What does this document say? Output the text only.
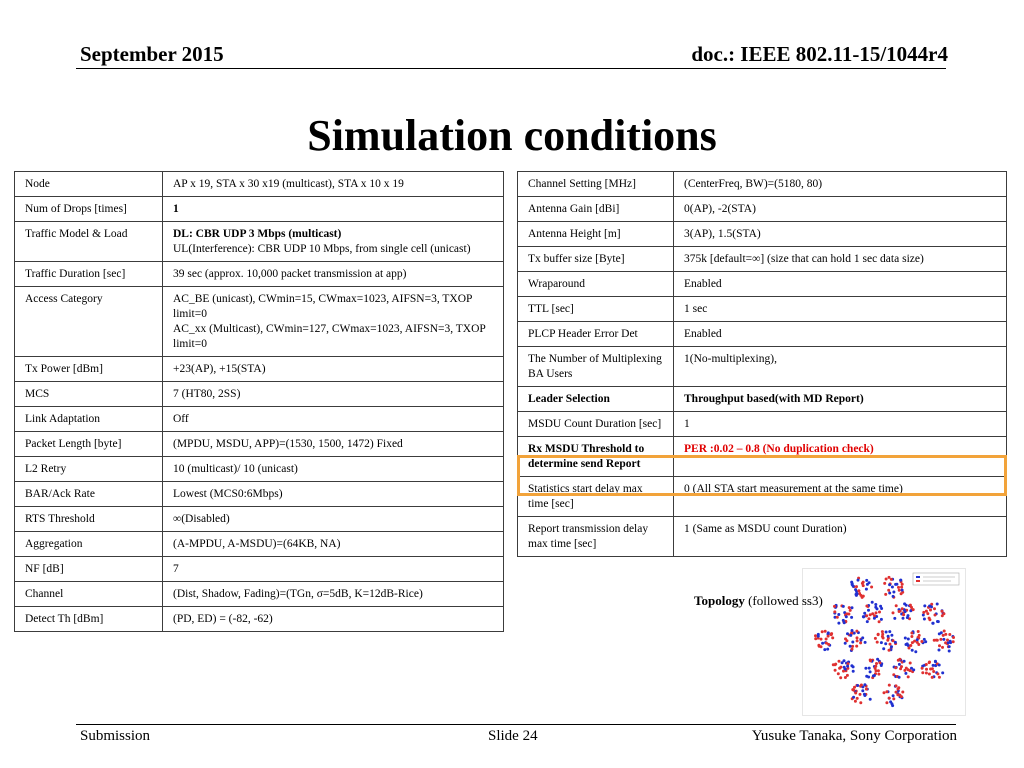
September 2015	doc.: IEEE 802.11-15/1044r4
Simulation conditions
Node	AP x 19, STA x 30 x19 (multicast), STA x 10 x 19

Num of Drops [times]	1

Traffic Model & Load	DL: CBR UDP 3 Mbps (multicast)
UL(Interference): CBR UDP 10 Mbps, from single cell (unicast)

Traffic Duration [sec]	39 sec (approx. 10,000 packet transmission at app)

Access Category	AC_BE (unicast), CWmin=15, CWmax=1023, AIFSN=3, TXOP limit=0
AC_xx (Multicast), CWmin=127, CWmax=1023, AIFSN=3, TXOP limit=0

Tx Power [dBm]	+23(AP), +15(STA)

MCS	7 (HT80, 2SS)

Link Adaptation	Off

Packet Length [byte]	(MPDU, MSDU, APP)=(1530, 1500, 1472) Fixed

L2 Retry	10 (multicast)/ 10 (unicast)

BAR/Ack Rate	Lowest (MCS0:6Mbps)

RTS Threshold	∞(Disabled)

Aggregation	(A-MPDU, A-MSDU)=(64KB, NA)

NF [dB]	7

Channel	(Dist, Shadow, Fading)=(TGn, σ=5dB, K=12dB-Rice)

Detect Th [dBm]	(PD, ED) = (-82, -62)
Channel Setting [MHz]	(CenterFreq, BW)=(5180, 80)
Antenna Gain [dBi]	0(AP), -2(STA)
Antenna Height [m]	3(AP), 1.5(STA)
Tx buffer size [Byte]	375k [default=∞] (size that can hold 1 sec data size)
Wraparound	Enabled
TTL [sec]	1 sec
PLCP Header Error Det	Enabled
The Number of Multiplexing BA Users	1(No-multiplexing),
Leader Selection	Throughput based(with MD Report)
MSDU Count Duration [sec]	1
Rx MSDU Threshold to determine send Report	PER :0.02 – 0.8 (No duplication check)
Statistics start delay max time [sec]	0 (All STA start measurement at the same time)
Report transmission delay max time [sec]	1 (Same as MSDU count Duration)
Topology (followed ss3)
Submission	Slide 24	Yusuke Tanaka, Sony Corporation
